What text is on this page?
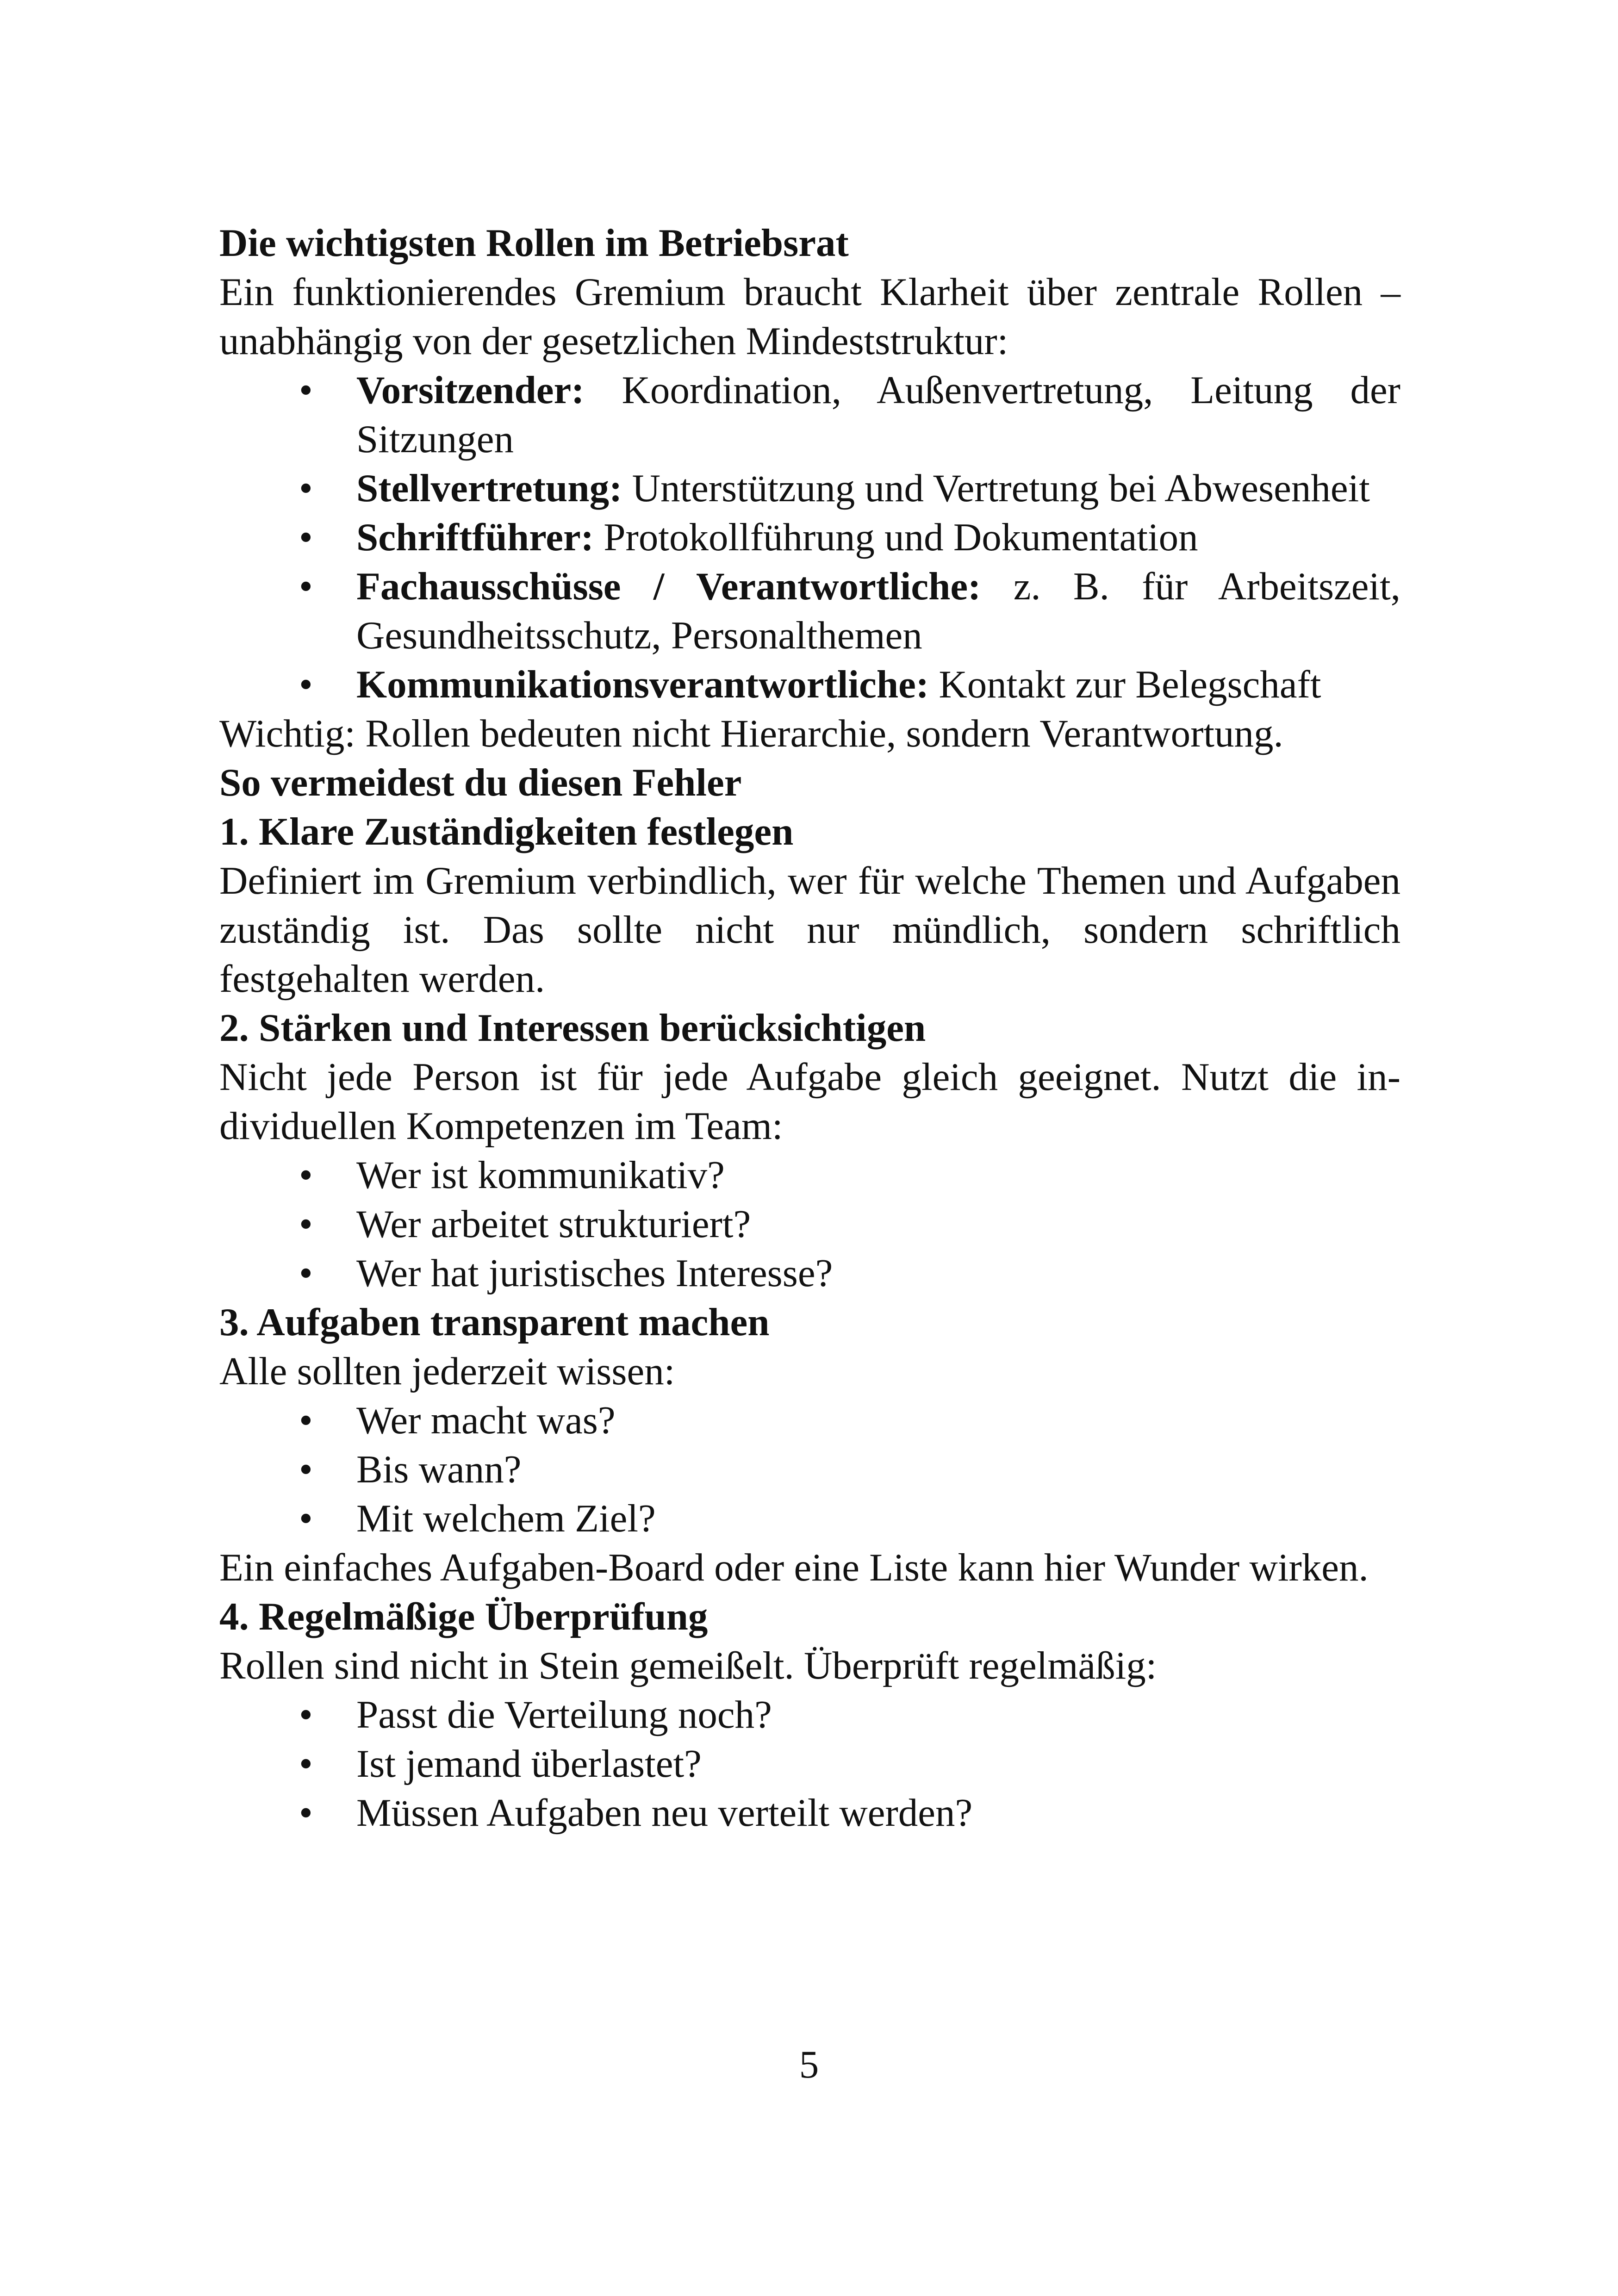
Die wichtigsten Rollen im Betriebsrat

Ein funktionierendes Gremium braucht Klarheit über zentrale Rollen – unabhängig von der gesetzlichen Mindeststruktur:

• Vorsitzender: Koordination, Außenvertretung, Leitung der Sitzungen
• Stellvertretung: Unterstützung und Vertretung bei Abwesenheit
• Schriftführer: Protokollführung und Dokumentation
• Fachausschüsse / Verantwortliche: z. B. für Arbeitszeit, Gesundheitsschutz, Personalthemen
• Kommunikationsverantwortliche: Kontakt zur Belegschaft

Wichtig: Rollen bedeuten nicht Hierarchie, sondern Verantwortung.

So vermeidest du diesen Fehler

1. Klare Zuständigkeiten festlegen

Definiert im Gremium verbindlich, wer für welche Themen und Aufgaben zuständig ist. Das sollte nicht nur mündlich, sondern schriftlich festgehalten werden.

2. Stärken und Interessen berücksichtigen

Nicht jede Person ist für jede Aufgabe gleich geeignet. Nutzt die individuellen Kompetenzen im Team:

• Wer ist kommunikativ?
• Wer arbeitet strukturiert?
• Wer hat juristisches Interesse?

3. Aufgaben transparent machen

Alle sollten jederzeit wissen:

• Wer macht was?
• Bis wann?
• Mit welchem Ziel?

Ein einfaches Aufgaben-Board oder eine Liste kann hier Wunder wirken.

4. Regelmäßige Überprüfung

Rollen sind nicht in Stein gemeißelt. Überprüft regelmäßig:

• Passt die Verteilung noch?
• Ist jemand überlastet?
• Müssen Aufgaben neu verteilt werden?
5
